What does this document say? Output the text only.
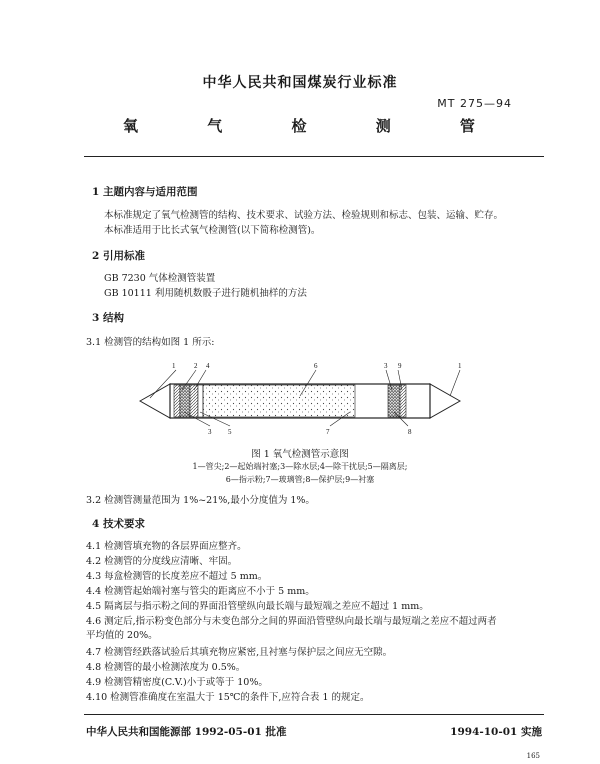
中华人民共和国煤炭行业标准
MT 275—94
氧 气 检 测 管
1 主题内容与适用范围
本标准规定了氧气检测管的结构、技术要求、试验方法、检验规则和标志、包装、运输、贮存。
本标准适用于比长式氧气检测管(以下简称检测管)。
2 引用标准
GB 7230 气体检测管装置
GB 10111 利用随机数骰子进行随机抽样的方法
3 结构
3.1 检测管的结构如图 1 所示:
1	2 4	6	3 9	1
3 5	7	8
图 1 氧气检测管示意图
1—管尖;2—起始端衬塞;3—除水层;4—除干扰层;5—隔离层;
6—指示粉;7—玻璃管;8—保护层;9—衬塞
3.2 检测管测量范围为 1%~21%,最小分度值为 1%。
4 技术要求
4.1 检测管填充物的各层界面应整齐。
4.2 检测管的分度线应清晰、牢固。
4.3 每盒检测管的长度差应不超过 5 mm。
4.4 检测管起始端衬塞与管尖的距离应不小于 5 mm。
4.5 隔离层与指示粉之间的界面沿管壁纵向最长端与最短端之差应不超过 1 mm。
4.6 测定后,指示粉变色部分与未变色部分之间的界面沿管壁纵向最长端与最短端之差应不超过两者
平均值的 20%。
4.7 检测管经跌落试验后其填充物应紧密,且衬塞与保护层之间应无空隙。
4.8 检测管的最小检测浓度为 0.5%。
4.9 检测管精密度(C.V.)小于或等于 10%。
4.10 检测管准确度在室温大于 15℃的条件下,应符合表 1 的规定。
中华人民共和国能源部 1992-05-01 批准	1994-10-01 实施
165
